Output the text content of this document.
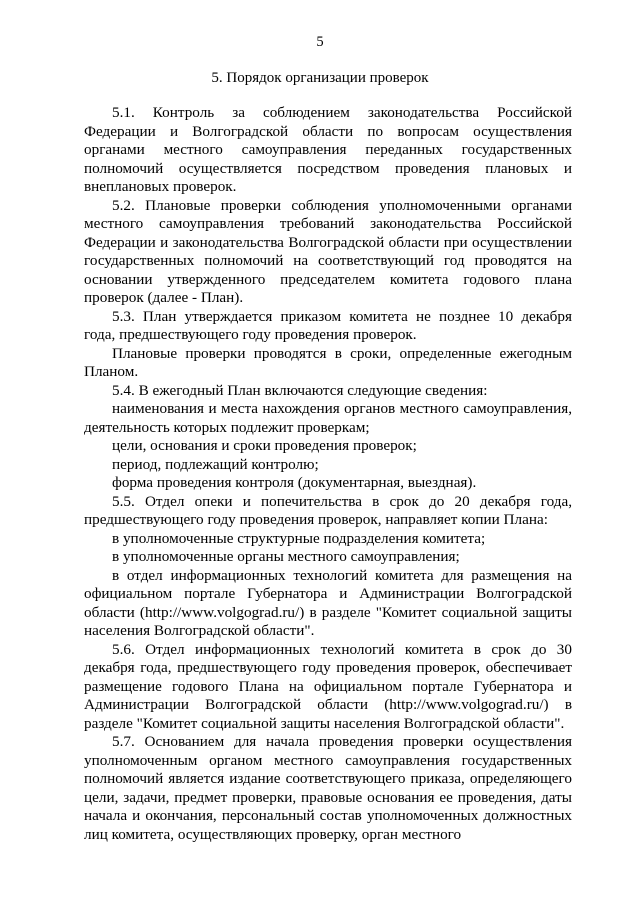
5
5. Порядок организации проверок

5.1. Контроль за соблюдением законодательства Российской Федерации и Волгоградской области по вопросам осуществления органами местного самоуправления переданных государственных полномочий осуществляется посредством проведения плановых и внеплановых проверок.

5.2. Плановые проверки соблюдения уполномоченными органами местного самоуправления требований законодательства Российской Федерации и законодательства Волгоградской области при осуществлении государственных полномочий на соответствующий год проводятся на основании утвержденного председателем комитета годового плана проверок (далее - План).

5.3. План утверждается приказом комитета не позднее 10 декабря года, предшествующего году проведения проверок.

Плановые проверки проводятся в сроки, определенные ежегодным Планом.

5.4. В ежегодный План включаются следующие сведения:

наименования и места нахождения органов местного самоуправления, деятельность которых подлежит проверкам;

цели, основания и сроки проведения проверок;

период, подлежащий контролю;

форма проведения контроля (документарная, выездная).

5.5. Отдел опеки и попечительства в срок до 20 декабря года, предшествующего году проведения проверок, направляет копии Плана:

в уполномоченные структурные подразделения комитета;

в уполномоченные органы местного самоуправления;

в отдел информационных технологий комитета для размещения на официальном портале Губернатора и Администрации Волгоградской области (http://www.volgograd.ru/) в разделе "Комитет социальной защиты населения Волгоградской области".

5.6. Отдел информационных технологий комитета в срок до 30 декабря года, предшествующего году проведения проверок, обеспечивает размещение годового Плана на официальном портале Губернатора и Администрации Волгоградской области (http://www.volgograd.ru/) в разделе "Комитет социальной защиты населения Волгоградской области".

5.7. Основанием для начала проведения проверки осуществления уполномоченным органом местного самоуправления государственных полномочий является издание соответствующего приказа, определяющего цели, задачи, предмет проверки, правовые основания ее проведения, даты начала и окончания, персональный состав уполномоченных должностных лиц комитета, осуществляющих проверку, орган местного
